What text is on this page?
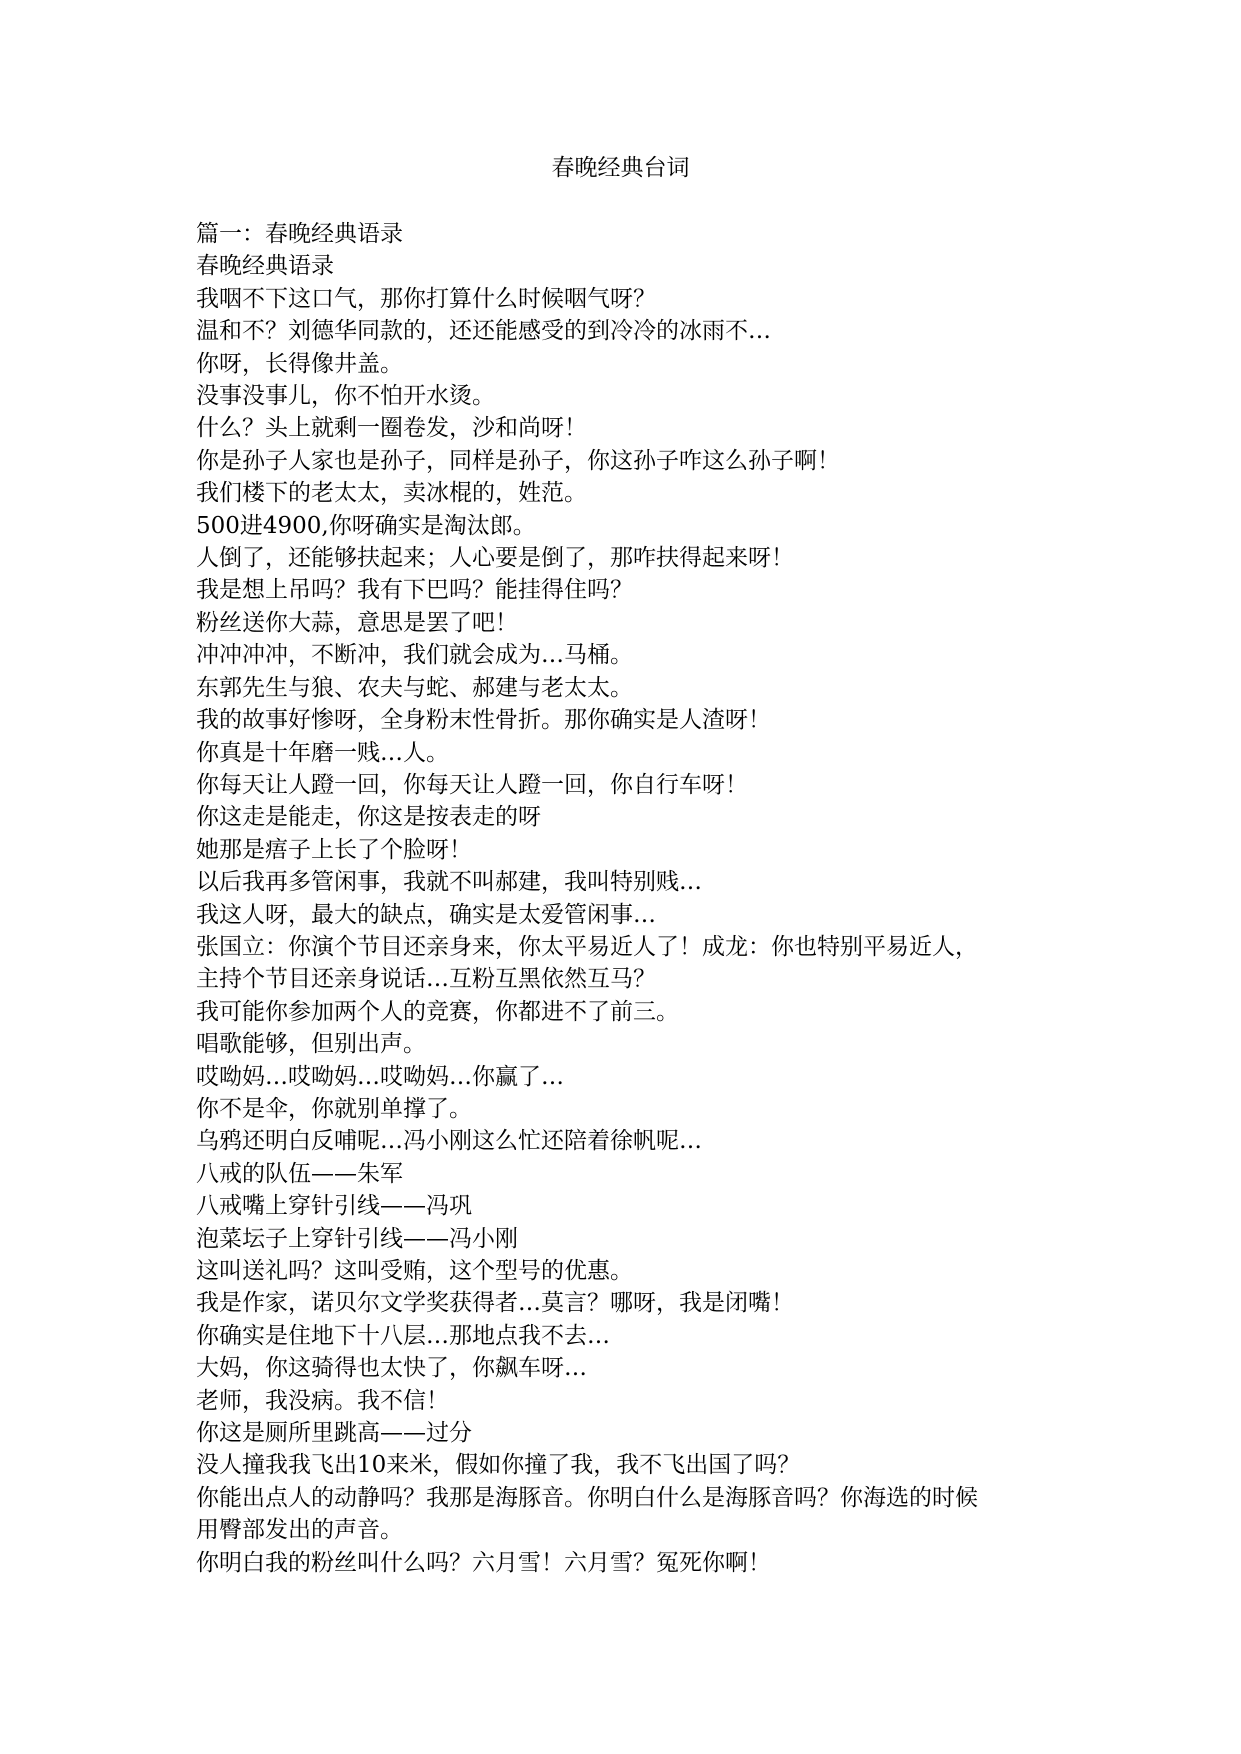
春晚经典台词

篇一：春晚经典语录

春晚经典语录

我咽不下这口气，那你打算什么时候咽气呀？

温和不？刘德华同款的，还还能感受的到冷冷的冰雨不…

你呀，长得像井盖。

没事没事儿，你不怕开水烫。

什么？头上就剩一圈卷发，沙和尚呀！

你是孙子人家也是孙子，同样是孙子，你这孙子咋这么孙子啊！

我们楼下的老太太，卖冰棍的，姓范。

500进4900,你呀确实是淘汰郎。

人倒了，还能够扶起来；人心要是倒了，那咋扶得起来呀！

我是想上吊吗？我有下巴吗？能挂得住吗？

粉丝送你大蒜，意思是罢了吧！

冲冲冲冲，不断冲，我们就会成为…马桶。

东郭先生与狼、农夫与蛇、郝建与老太太。

我的故事好惨呀，全身粉末性骨折。那你确实是人渣呀！

你真是十年磨一贱…人。

你每天让人蹬一回，你每天让人蹬一回，你自行车呀！

你这走是能走，你这是按表走的呀

她那是痦子上长了个脸呀！

以后我再多管闲事，我就不叫郝建，我叫特别贱…

我这人呀，最大的缺点，确实是太爱管闲事…

张国立：你演个节目还亲身来，你太平易近人了！成龙：你也特别平易近人，

主持个节目还亲身说话…互粉互黑依然互马？

我可能你参加两个人的竞赛，你都进不了前三。

唱歌能够，但别出声。

哎呦妈…哎呦妈…哎呦妈…你赢了…

你不是伞，你就别单撑了。

乌鸦还明白反哺呢…冯小刚这么忙还陪着徐帆呢…

八戒的队伍——朱军

八戒嘴上穿针引线——冯巩

泡菜坛子上穿针引线——冯小刚

这叫送礼吗？这叫受贿，这个型号的优惠。

我是作家，诺贝尔文学奖获得者…莫言？哪呀，我是闭嘴！

你确实是住地下十八层…那地点我不去…

大妈，你这骑得也太快了，你飙车呀…

老师，我没病。我不信！

你这是厕所里跳高——过分

没人撞我我飞出10来米，假如你撞了我，我不飞出国了吗？

你能出点人的动静吗？我那是海豚音。你明白什么是海豚音吗？你海选的时候

用臀部发出的声音。

你明白我的粉丝叫什么吗？六月雪！六月雪？冤死你啊！
